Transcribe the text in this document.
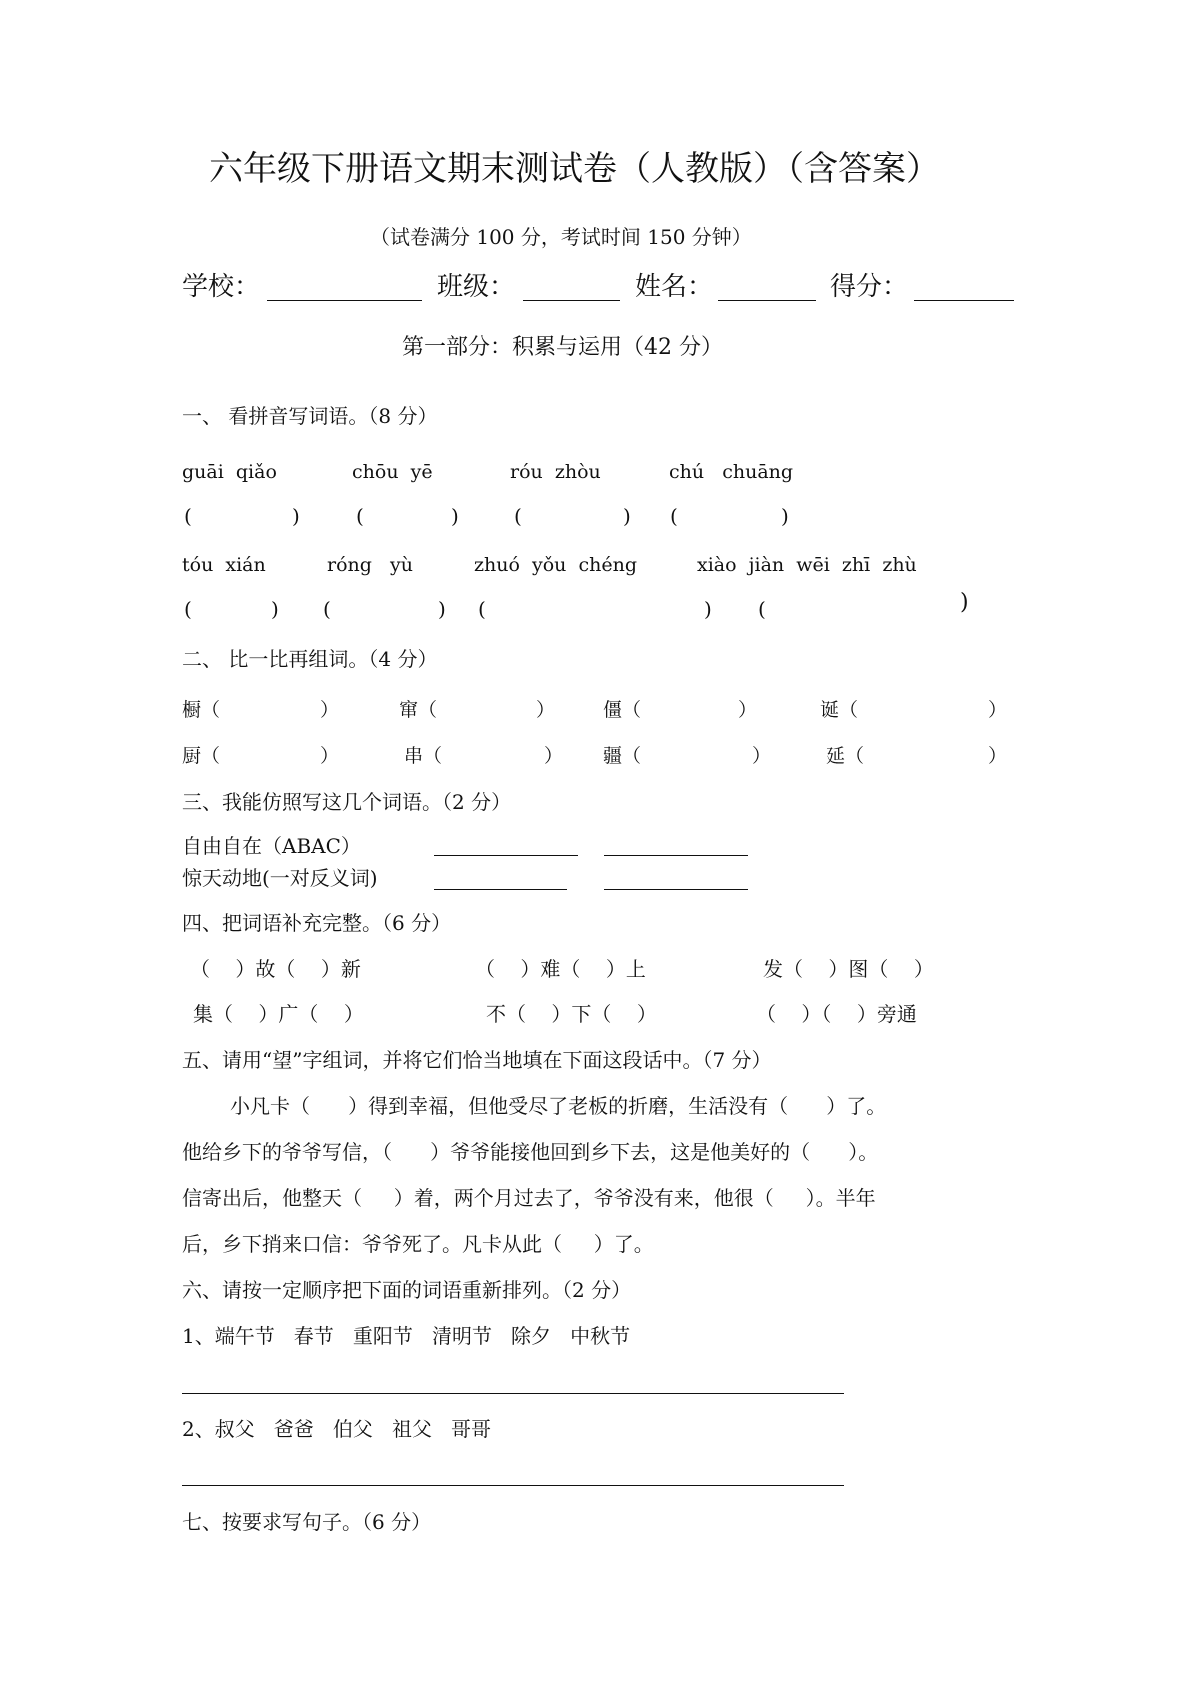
六年级下册语文期末测试卷（人教版）（含答案）
（试卷满分 100 分，考试时间 150 分钟）
学校：	班级：	姓名：	得分：
第一部分：积累与运用（42 分）
一、 看拼音写词语。（8 分）
guāi  qiǎo	chōu  yē	róu  zhòu	chú   chuāng
(	)	(	)	(	) (	)
tóu  xián	róng   yù	zhuó  yǒu  chéng	xiào  jiàn  wēi  zhī  zhù
(	) (	) (	) (	)
二、 比一比再组词。（4 分）
橱（	）	窜（	）	僵（	）	诞（	）
厨（	）	串（	） 疆（	）	延（	）
三、我能仿照写这几个词语。（2 分）
自由自在（ABAC）
惊天动地(一对反义词)
四、把词语补充完整。（6 分）
（    ）故（    ）新	（    ）难（    ）上	发（    ）图（    ）
集（    ）广（    ）	不（    ）下（    ）	（    ）（    ）旁通
五、请用“望”字组词，并将它们恰当地填在下面这段话中。（7 分）
小凡卡（      ）得到幸福，但他受尽了老板的折磨，生活没有（      ）了。
他给乡下的爷爷写信，（      ）爷爷能接他回到乡下去，这是他美好的（      ）。
信寄出后，他整天（     ）着，两个月过去了，爷爷没有来，他很（     ）。半年
后，乡下捎来口信：爷爷死了。凡卡从此（     ）了。
六、请按一定顺序把下面的词语重新排列。（2 分）
1、端午节   春节   重阳节   清明节   除夕   中秋节
2、叔父   爸爸   伯父   祖父   哥哥
七、按要求写句子。（6 分）
